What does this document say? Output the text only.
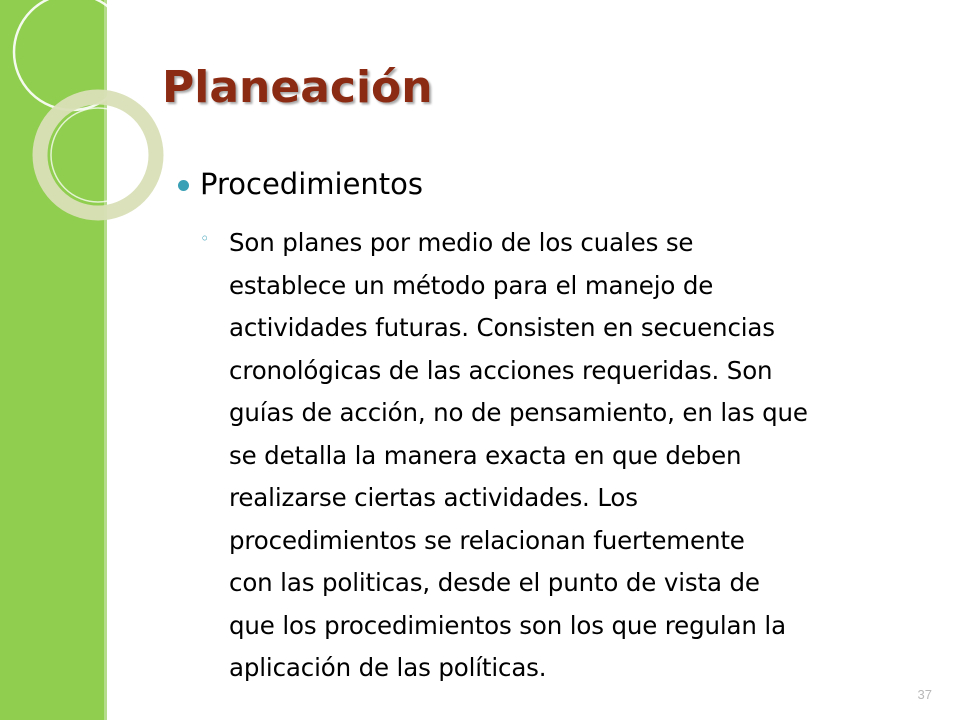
Planeación
Procedimientos
◦ Son planes por medio de los cuales se
establece un método para el manejo de
actividades futuras. Consisten en secuencias
cronológicas de las acciones requeridas. Son
guías de acción, no de pensamiento, en las que
se detalla la manera exacta en que deben
realizarse ciertas actividades. Los
procedimientos se relacionan fuertemente
con las politicas, desde el punto de vista de
que los procedimientos son los que regulan la
aplicación de las políticas.
37
